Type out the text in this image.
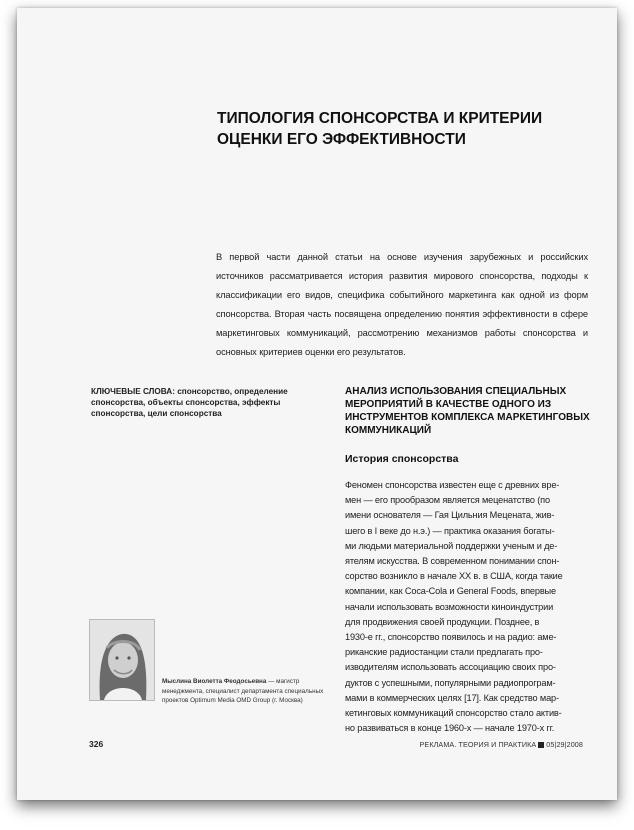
ТИПОЛОГИЯ СПОНСОРСТВА И КРИТЕРИИ
ОЦЕНКИ ЕГО ЭФФЕКТИВНОСТИ
В первой части данной статьи на основе изучения зарубежных и российских источников рассматривается история развития мирового спонсорства, подходы к классификации его видов, специфика событийного маркетинга как одной из форм спонсорства. Вторая часть посвящена определению понятия эффективности в сфере маркетинговых коммуникаций, рассмотрению механизмов работы спонсорства и основных критериев оценки его результатов.
КЛЮЧЕВЫЕ СЛОВА: спонсорство, определение спонсорства, объекты спонсорства, эффекты спонсорства, цели спонсорства
АНАЛИЗ ИСПОЛЬЗОВАНИЯ СПЕЦИАЛЬНЫХ МЕРОПРИЯТИЙ В КАЧЕСТВЕ ОДНОГО ИЗ ИНСТРУМЕНТОВ КОМПЛЕКСА МАРКЕТИНГОВЫХ КОММУНИКАЦИЙ
История спонсорства
Феномен спонсорства известен еще с древних вре-
мен — его прообразом является меценатство (по
имени основателя — Гая Цильния Мецената, жив-
шего в I веке до н.э.) — практика оказания богаты-
ми людьми материальной поддержки ученым и де-
ятелям искусства. В современном понимании спон-
сорство возникло в начале XX в. в США, когда такие
компании, как Coca-Cola и General Foods, впервые
начали использовать возможности киноиндустрии
для продвижения своей продукции. Позднее, в
1930-е гг., спонсорство появилось и на радио: аме-
риканские радиостанции стали предлагать про-
изводителям использовать ассоциацию своих про-
дуктов с успешными, популярными радиопрограм-
мами в коммерческих целях [17]. Как средство мар-
кетинговых коммуникаций спонсорство стало актив-
но развиваться в конце 1960-х — начале 1970-х гг.
Мыслина Виолетта Феодосьевна — магистр менеджмента, специалист департамента специальных проектов Optimum Media OMD Group (г. Москва)
326	РЕКЛАМА. ТЕОРИЯ И ПРАКТИКА 05|29|2008
